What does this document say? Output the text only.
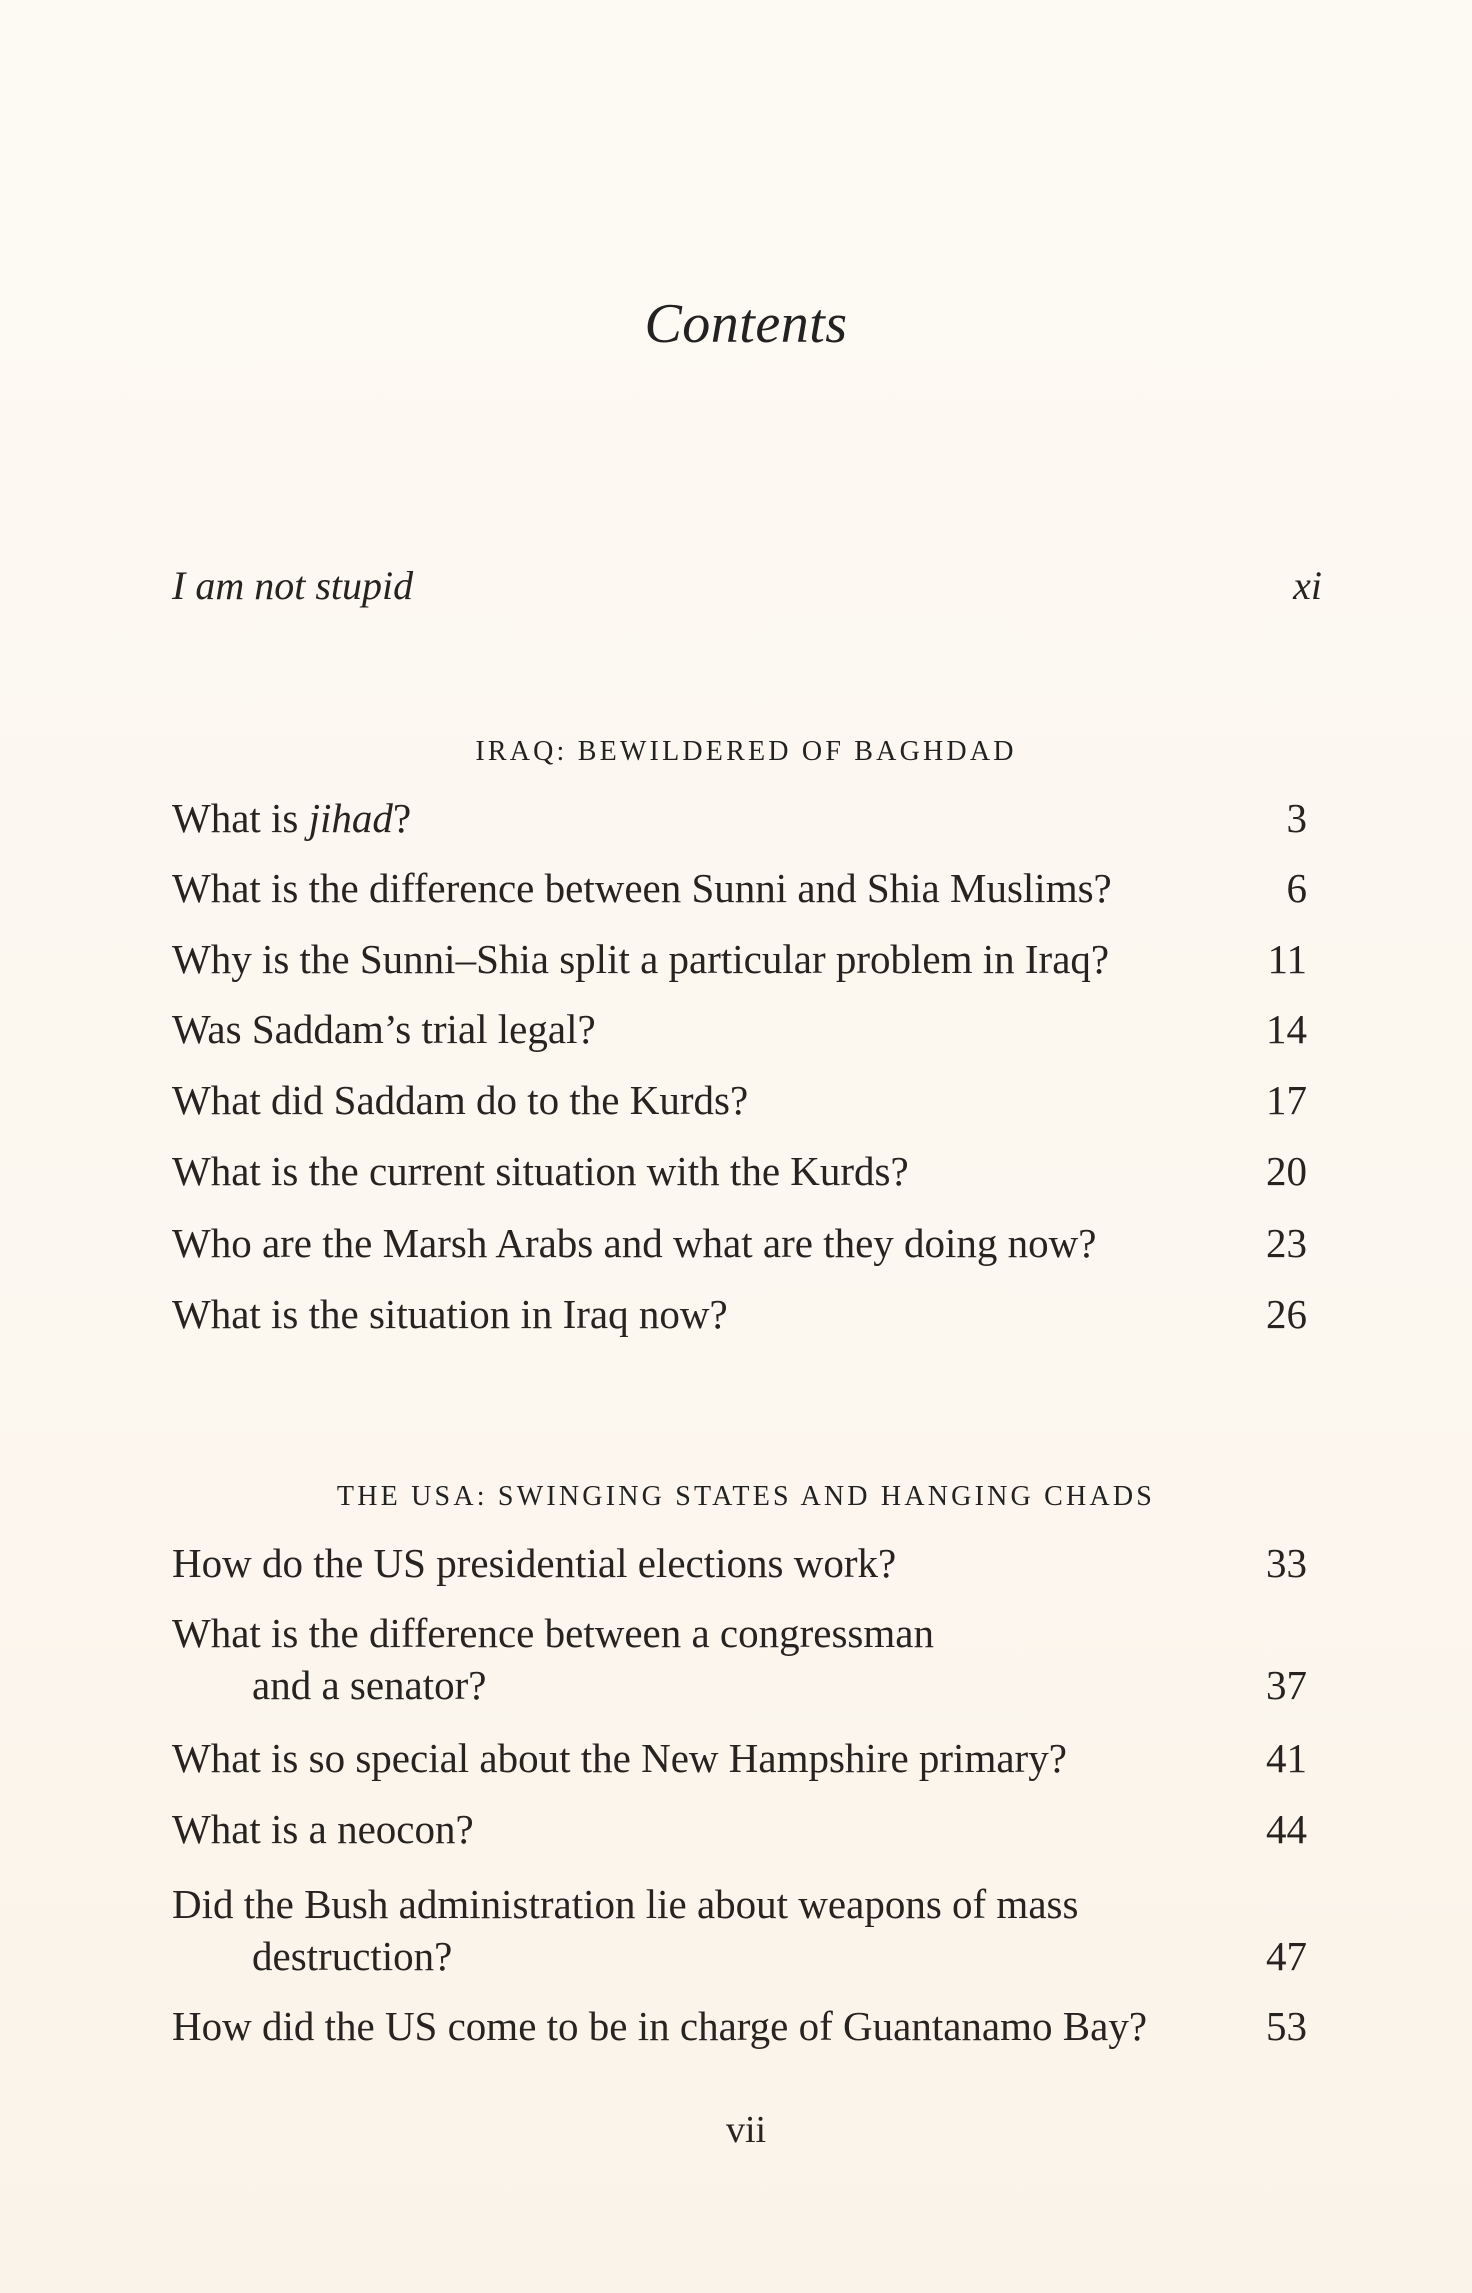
Contents
I am not stupid	xi
IRAQ: BEWILDERED OF BAGHDAD
What is jihad?	3
What is the difference between Sunni and Shia Muslims?	6
Why is the Sunni–Shia split a particular problem in Iraq?	11
Was Saddam’s trial legal?	14
What did Saddam do to the Kurds?	17
What is the current situation with the Kurds?	20
Who are the Marsh Arabs and what are they doing now?	23
What is the situation in Iraq now?	26
THE USA: SWINGING STATES AND HANGING CHADS
How do the US presidential elections work?	33
What is the difference between a congressman
and a senator?	37
What is so special about the New Hampshire primary?	41
What is a neocon?	44
Did the Bush administration lie about weapons of mass
destruction?	47
How did the US come to be in charge of Guantanamo Bay?	53
vii
